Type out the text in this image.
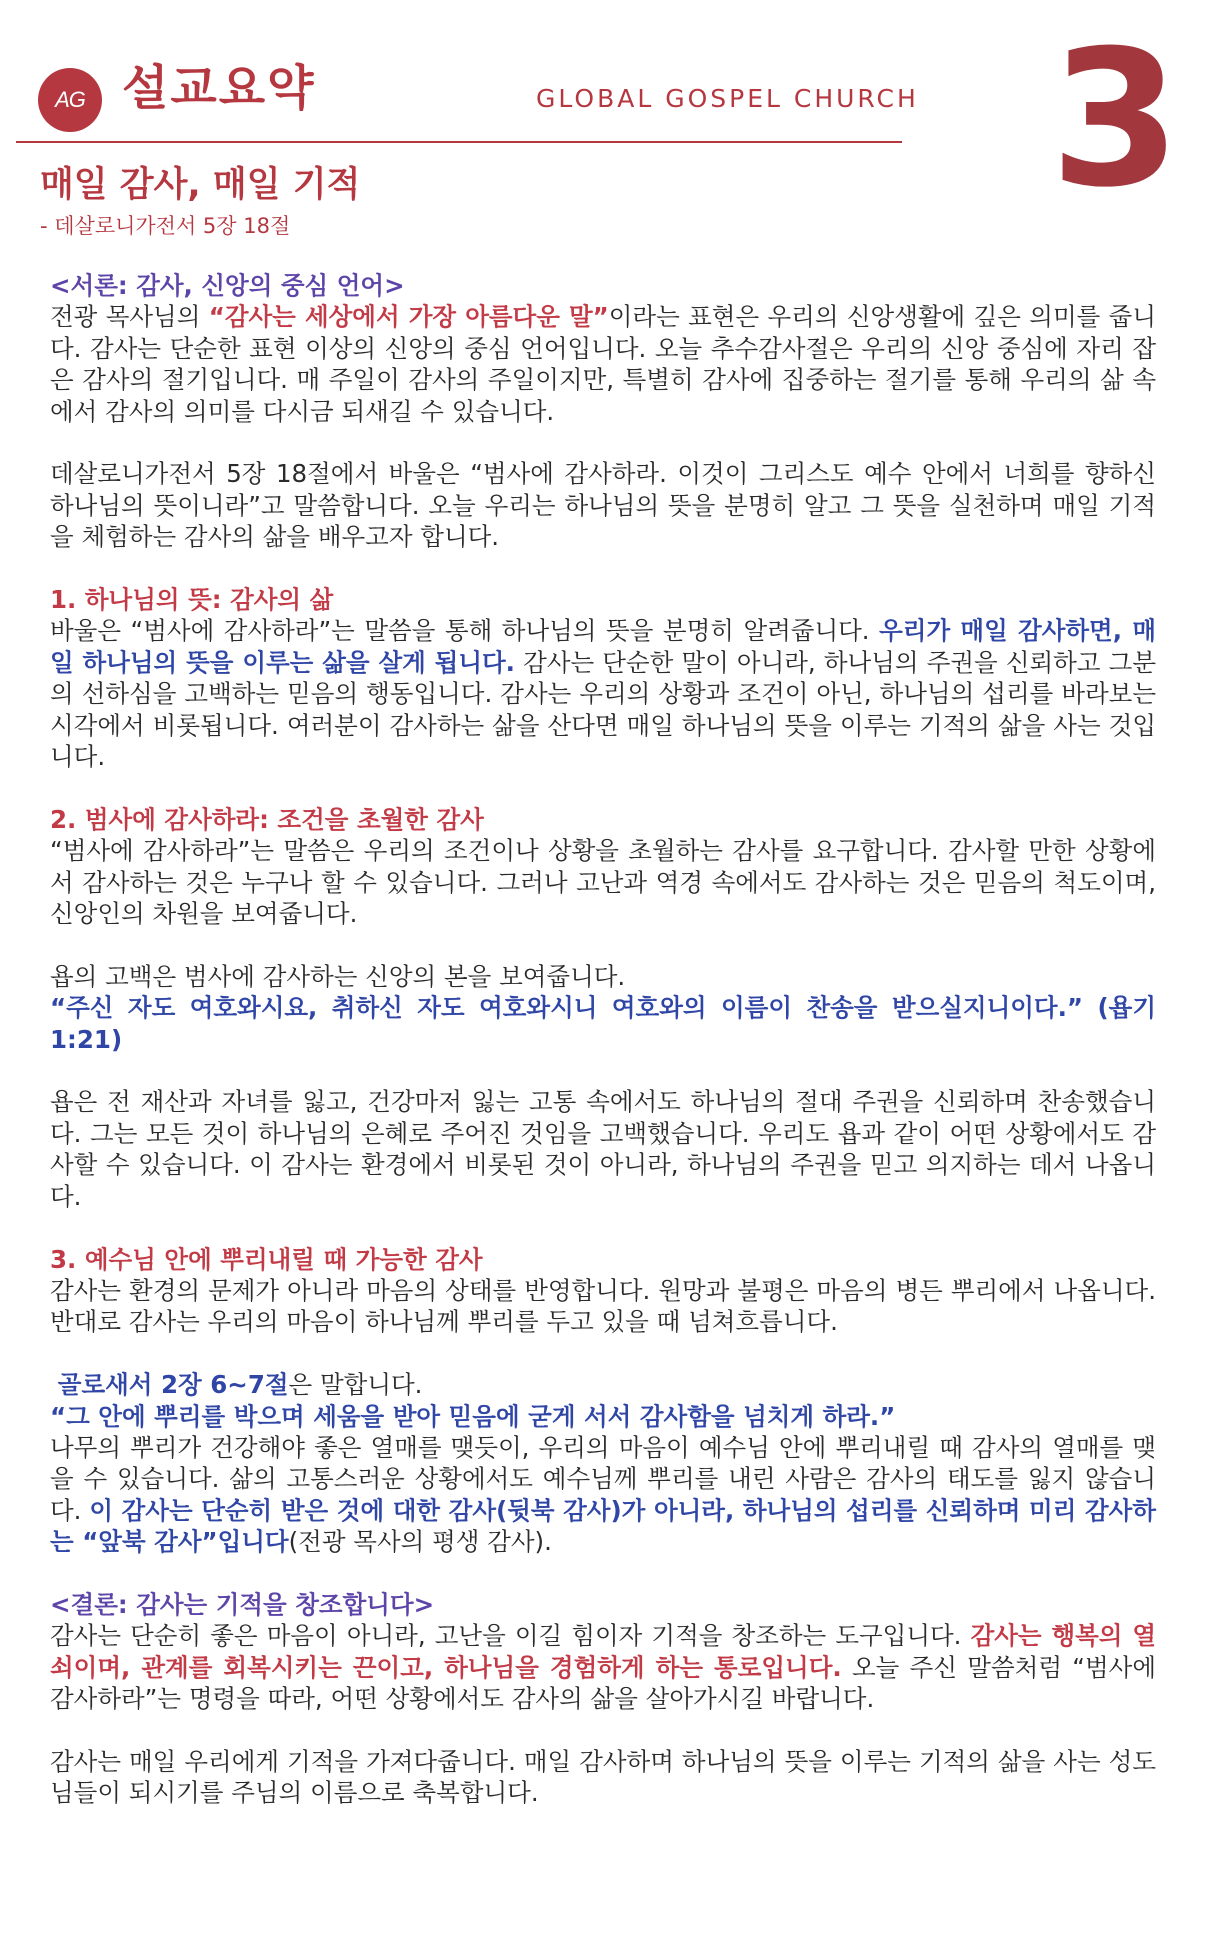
AG 설교요약	GLOBAL GOSPEL CHURCH 3
매일 감사, 매일 기적
- 데살로니가전서 5장 18절

<서론: 감사, 신앙의 중심 언어>

전광 목사님의 “감사는 세상에서 가장 아름다운 말”이라는 표현은 우리의 신앙생활에 깊은 의미를 줍니다. 감사는 단순한 표현 이상의 신앙의 중심 언어입니다. 오늘 추수감사절은 우리의 신앙 중심에 자리 잡은 감사의 절기입니다. 매 주일이 감사의 주일이지만, 특별히 감사에 집중하는 절기를 통해 우리의 삶 속에서 감사의 의미를 다시금 되새길 수 있습니다.

데살로니가전서 5장 18절에서 바울은 “범사에 감사하라. 이것이 그리스도 예수 안에서 너희를 향하신 하나님의 뜻이니라”고 말씀합니다. 오늘 우리는 하나님의 뜻을 분명히 알고 그 뜻을 실천하며 매일 기적을 체험하는 감사의 삶을 배우고자 합니다.

1. 하나님의 뜻: 감사의 삶

바울은 “범사에 감사하라”는 말씀을 통해 하나님의 뜻을 분명히 알려줍니다. 우리가 매일 감사하면, 매일 하나님의 뜻을 이루는 삶을 살게 됩니다. 감사는 단순한 말이 아니라, 하나님의 주권을 신뢰하고 그분의 선하심을 고백하는 믿음의 행동입니다. 감사는 우리의 상황과 조건이 아닌, 하나님의 섭리를 바라보는 시각에서 비롯됩니다. 여러분이 감사하는 삶을 산다면 매일 하나님의 뜻을 이루는 기적의 삶을 사는 것입니다.

2. 범사에 감사하라: 조건을 초월한 감사

“범사에 감사하라”는 말씀은 우리의 조건이나 상황을 초월하는 감사를 요구합니다. 감사할 만한 상황에서 감사하는 것은 누구나 할 수 있습니다. 그러나 고난과 역경 속에서도 감사하는 것은 믿음의 척도이며, 신앙인의 차원을 보여줍니다.

욥의 고백은 범사에 감사하는 신앙의 본을 보여줍니다.

“주신 자도 여호와시요, 취하신 자도 여호와시니 여호와의 이름이 찬송을 받으실지니이다.” (욥기 1:21)

욥은 전 재산과 자녀를 잃고, 건강마저 잃는 고통 속에서도 하나님의 절대 주권을 신뢰하며 찬송했습니다. 그는 모든 것이 하나님의 은혜로 주어진 것임을 고백했습니다. 우리도 욥과 같이 어떤 상황에서도 감사할 수 있습니다. 이 감사는 환경에서 비롯된 것이 아니라, 하나님의 주권을 믿고 의지하는 데서 나옵니다.

3. 예수님 안에 뿌리내릴 때 가능한 감사

감사는 환경의 문제가 아니라 마음의 상태를 반영합니다. 원망과 불평은 마음의 병든 뿌리에서 나옵니다. 반대로 감사는 우리의 마음이 하나님께 뿌리를 두고 있을 때 넘쳐흐릅니다.

골로새서 2장 6~7절은 말합니다.

“그 안에 뿌리를 박으며 세움을 받아 믿음에 굳게 서서 감사함을 넘치게 하라.”

나무의 뿌리가 건강해야 좋은 열매를 맺듯이, 우리의 마음이 예수님 안에 뿌리내릴 때 감사의 열매를 맺을 수 있습니다. 삶의 고통스러운 상황에서도 예수님께 뿌리를 내린 사람은 감사의 태도를 잃지 않습니다. 이 감사는 단순히 받은 것에 대한 감사(뒷북 감사)가 아니라, 하나님의 섭리를 신뢰하며 미리 감사하는 “앞북 감사”입니다(전광 목사의 평생 감사).

<결론: 감사는 기적을 창조합니다>

감사는 단순히 좋은 마음이 아니라, 고난을 이길 힘이자 기적을 창조하는 도구입니다. 감사는 행복의 열쇠이며, 관계를 회복시키는 끈이고, 하나님을 경험하게 하는 통로입니다. 오늘 주신 말씀처럼 “범사에 감사하라”는 명령을 따라, 어떤 상황에서도 감사의 삶을 살아가시길 바랍니다.

감사는 매일 우리에게 기적을 가져다줍니다. 매일 감사하며 하나님의 뜻을 이루는 기적의 삶을 사는 성도님들이 되시기를 주님의 이름으로 축복합니다.
